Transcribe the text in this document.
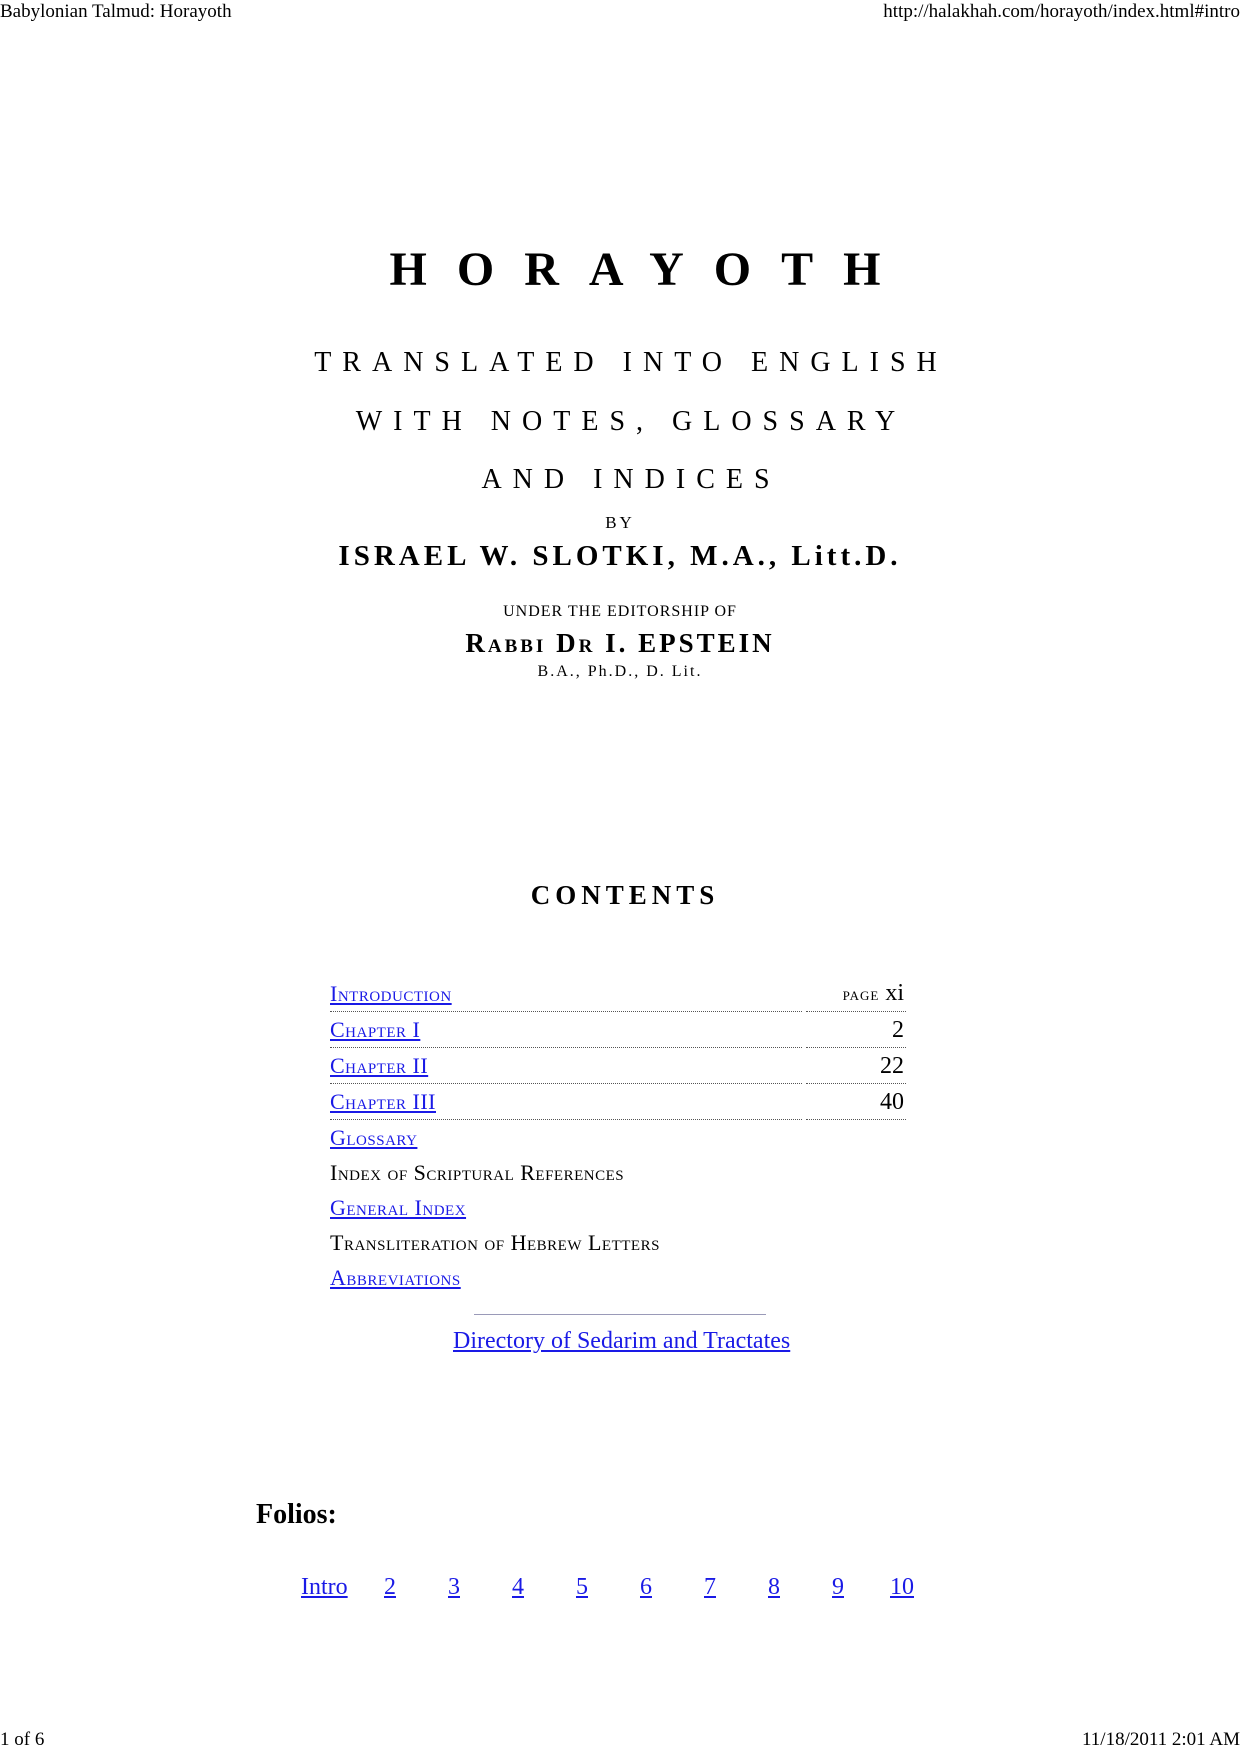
Babylonian Talmud: Horayoth	http://halakhah.com/horayoth/index.html#intro
HORAYOTH
TRANSLATED INTO ENGLISH
WITH NOTES, GLOSSARY
AND INDICES
BY
ISRAEL W. SLOTKI, M.A., Litt.D.
UNDER THE EDITORSHIP OF
RABBI DR I. EPSTEIN
B.A., Ph.D., D. Lit.
CONTENTS
Introduction		page xi
Chapter I		2
Chapter II		22
Chapter III		40
Glossary		
Index of Scriptural References		
General Index		
Transliteration of Hebrew Letters		
Abbreviations		
Directory of Sedarim and Tractates
Folios:
Intro 2 3 4 5 6 7 8 9 10
1 of 6	11/18/2011 2:01 AM
